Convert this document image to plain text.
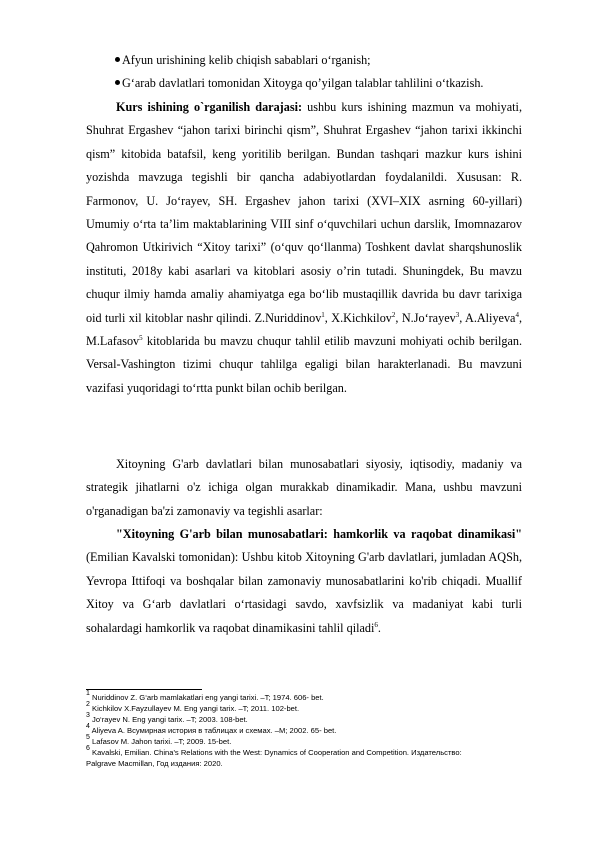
Afyun urishining kelib chiqish sabablari o‘rganish;
G‘arab davlatlari tomonidan Xitoyga qo’yilgan talablar tahlilini o‘tkazish.

Kurs ishining o`rganilish darajasi: ushbu kurs ishining mazmun va mohiyati, Shuhrat Ergashev “jahon tarixi birinchi qism”, Shuhrat Ergashev “jahon tarixi ikkinchi qism” kitobida batafsil, keng yoritilib berilgan. Bundan tashqari mazkur kurs ishini yozishda mavzuga tegishli bir qancha adabiyotlardan foydalanildi. Xususan: R. Farmonov, U. Jo‘rayev, SH. Ergashev jahon tarixi (XVI–XIX asrning 60-yillari) Umumiy o‘rta ta’lim maktablarining VIII sinf o‘quvchilari uchun darslik, Imomnazarov Qahromon Utkirivich “Xitoy tarixi” (o‘quv qo‘llanma) Toshkent davlat sharqshunoslik instituti, 2018y kabi asarlari va kitoblari asosiy o’rin tutadi. Shuningdek, Bu mavzu chuqur ilmiy hamda amaliy ahamiyatga ega bo‘lib mustaqillik davrida bu davr tarixiga oid turli xil kitoblar nashr qilindi. Z.Nuriddinov$^1$, X.Kichkilov$^2$, N.Jo‘rayev$^3$, A.Aliyeva$^4$, M.Lafasov$^5$ kitoblarida bu mavzu chuqur tahlil etilib mavzuni mohiyati ochib berilgan. Versal-Vashington tizimi chuqur tahlilga egaligi bilan harakterlanadi. Bu mavzuni vazifasi yuqoridagi to‘rtta punkt bilan ochib berilgan.

Xitoyning G'arb davlatlari bilan munosabatlari siyosiy, iqtisodiy, madaniy va strategik jihatlarni o'z ichiga olgan murakkab dinamikadir. Mana, ushbu mavzuni o'rganadigan ba'zi zamonaviy va tegishli asarlar:

"Xitoyning G'arb bilan munosabatlari: hamkorlik va raqobat dinamikasi" (Emilian Kavalski tomonidan): Ushbu kitob Xitoyning G'arb davlatlari, jumladan AQSh, Yevropa Ittifoqi va boshqalar bilan zamonaviy munosabatlarini ko'rib chiqadi. Muallif Xitoy va G‘arb davlatlari o‘rtasidagi savdo, xavfsizlik va madaniyat kabi turli sohalardagi hamkorlik va raqobat dinamikasini tahlil qiladi$^6$.

$^1$ Nuriddinov Z. G‘arb mamlakatlari eng yangi tarixi. –T; 1974. 606- bet.
$^2$ Kichkilov X.Fayzullayev M. Eng yangi tarix. –T; 2011. 102-bet.
$^3$ Jo‘rayev N. Eng yangi tarix. –T; 2003. 108-bet.
$^4$ Aliyeva A. Всумирная история в таблицах и схемах. –M; 2002. 65- bet.
$^5$ Lafasov M. Jahon tarixi. –T; 2009. 15-bet.
$^6$ Kavalski, Emilian. China's Relations with the West: Dynamics of Cooperation and Competition. Издательство:
Palgrave Macmillan, Год издания: 2020.
